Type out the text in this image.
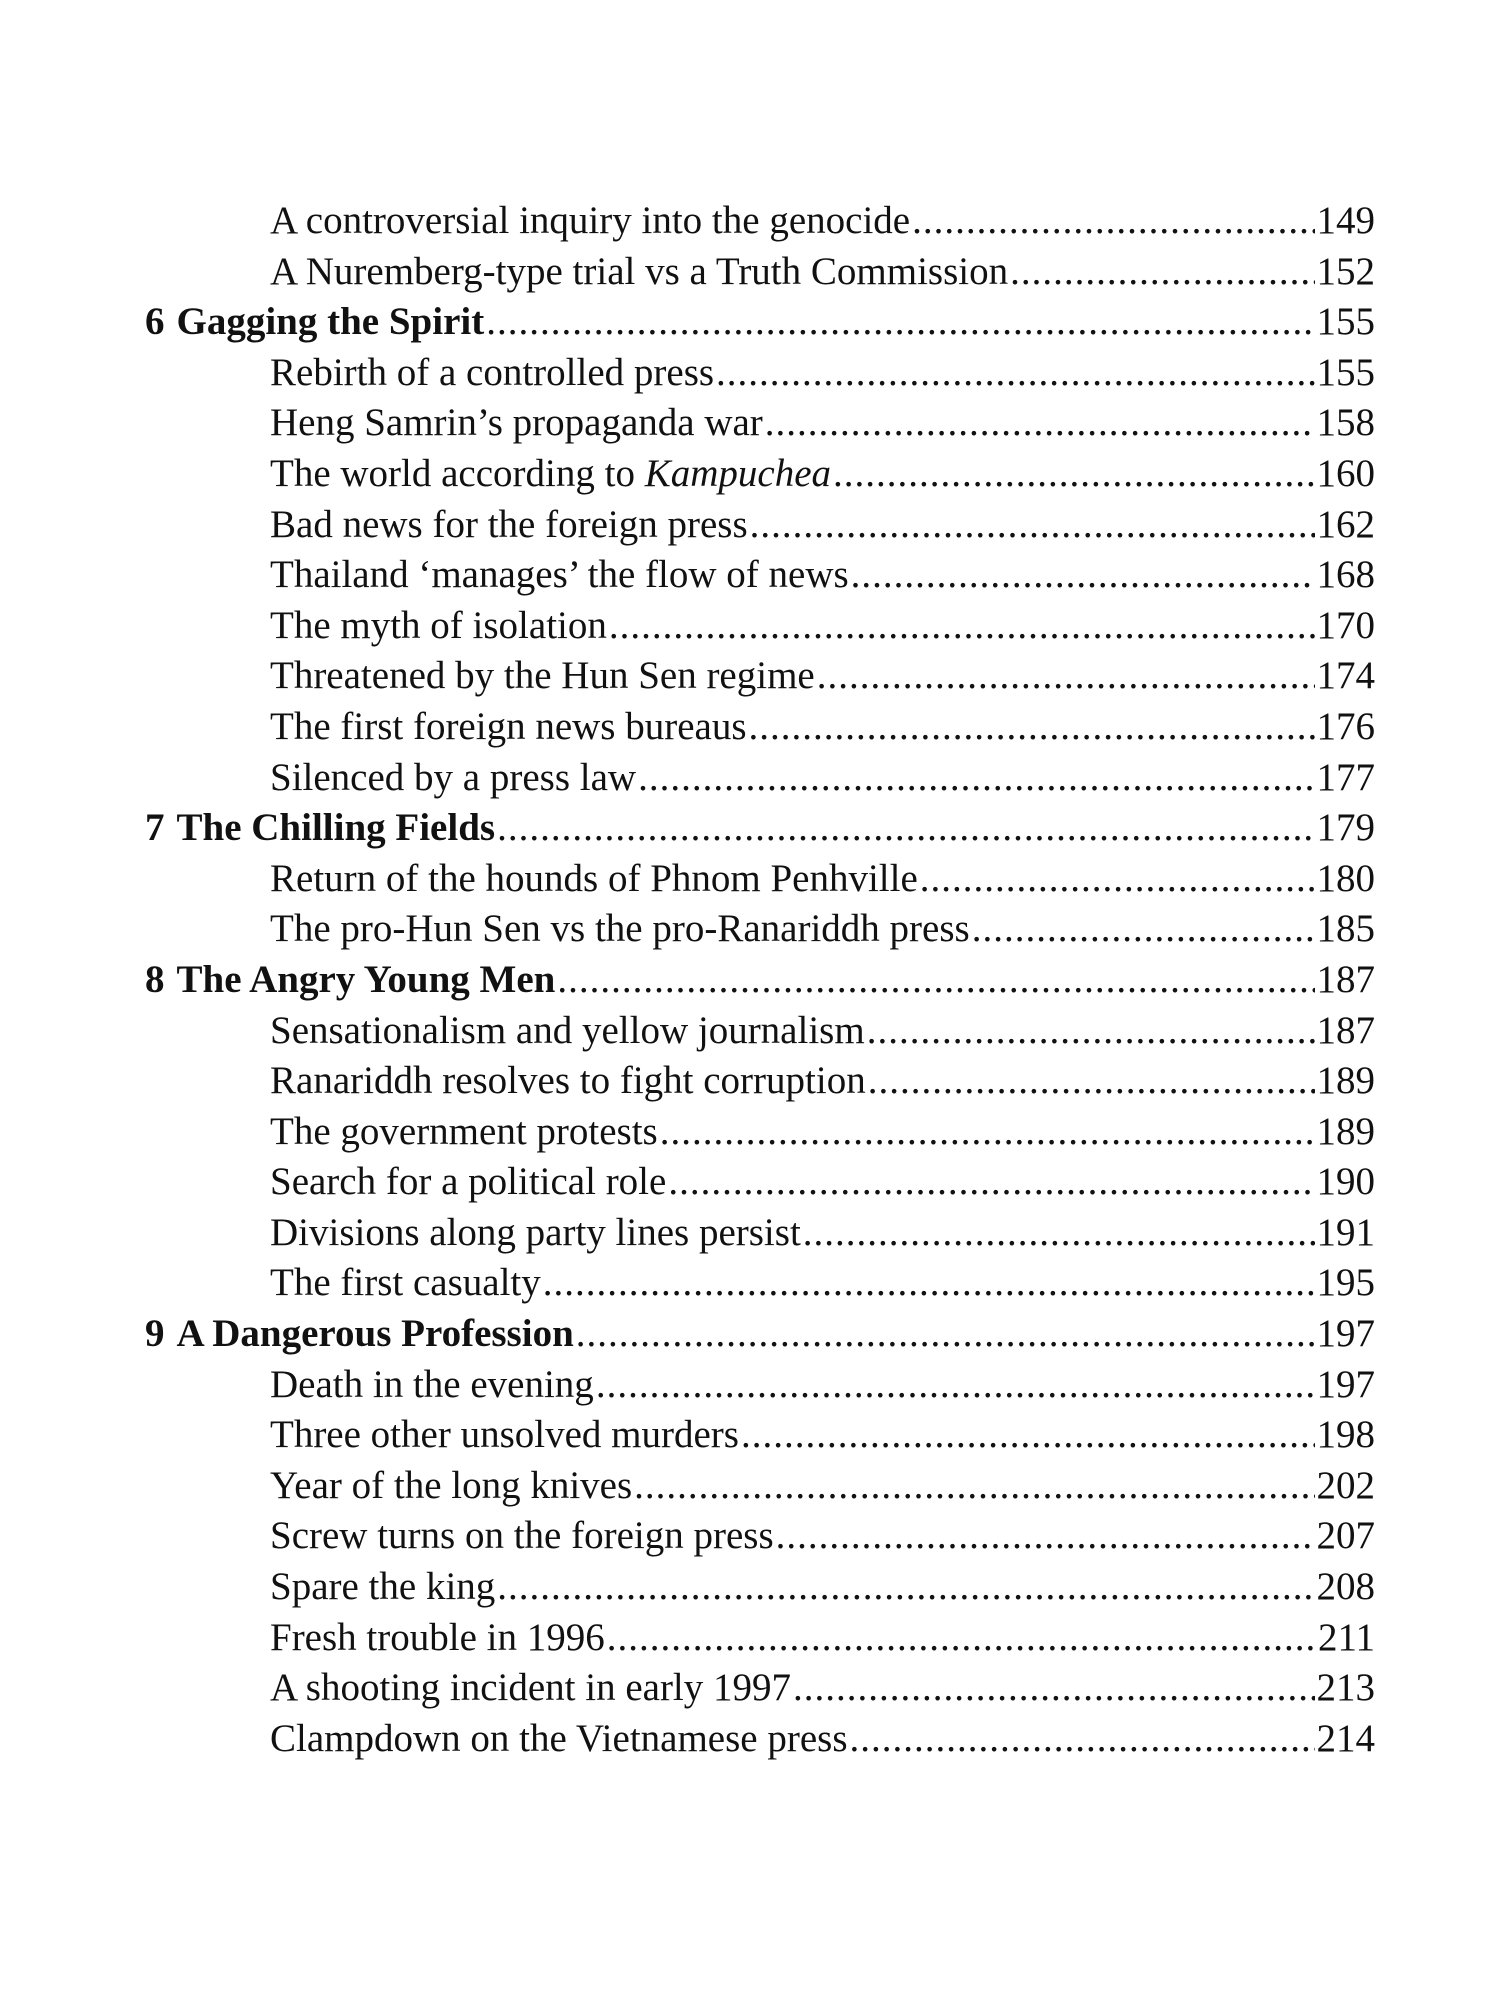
A controversial inquiry into the genocide .....	149
A Nuremberg-type trial vs a Truth Commission .....	152
6 Gagging the Spirit .....	155
Rebirth of a controlled press .....	155
Heng Samrin’s propaganda war .....	158
The world according to Kampuchea .....	160
Bad news for the foreign press .....	162
Thailand ‘manages’ the flow of news .....	168
The myth of isolation .....	170
Threatened by the Hun Sen regime .....	174
The first foreign news bureaus .....	176
Silenced by a press law .....	177
7 The Chilling Fields .....	179
Return of the hounds of Phnom Penhville .....	180
The pro-Hun Sen vs the pro-Ranariddh press .....	185
8 The Angry Young Men .....	187
Sensationalism and yellow journalism .....	187
Ranariddh resolves to fight corruption .....	189
The government protests .....	189
Search for a political role .....	190
Divisions along party lines persist .....	191
The first casualty .....	195
9 A Dangerous Profession .....	197
Death in the evening .....	197
Three other unsolved murders .....	198
Year of the long knives .....	202
Screw turns on the foreign press .....	207
Spare the king .....	208
Fresh trouble in 1996 .....	211
A shooting incident in early 1997 .....	213
Clampdown on the Vietnamese press .....	214
